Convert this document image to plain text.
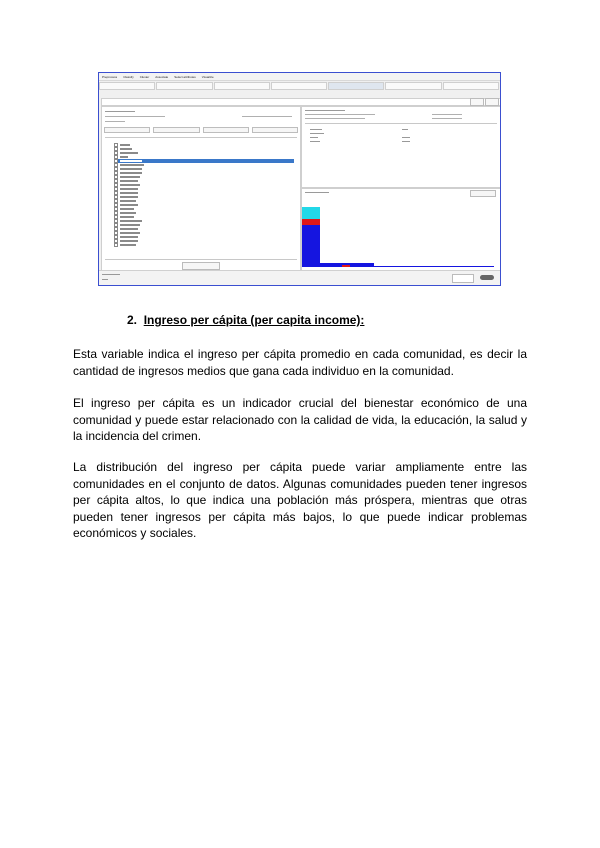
Preprocess Classify Cluster Associate Select attributes Visualize
2. Ingreso per cápita (per capita income):

Esta variable indica el ingreso per cápita promedio en cada comunidad, es decir la cantidad de ingresos medios que gana cada individuo en la comunidad.

El ingreso per cápita es un indicador crucial del bienestar económico de una comunidad y puede estar relacionado con la calidad de vida, la educación, la salud y la incidencia del crimen.

La distribución del ingreso per cápita puede variar ampliamente entre las comunidades en el conjunto de datos. Algunas comunidades pueden tener ingresos per cápita altos, lo que indica una población más próspera, mientras que otras pueden tener ingresos per cápita más bajos, lo que puede indicar problemas económicos y sociales.
